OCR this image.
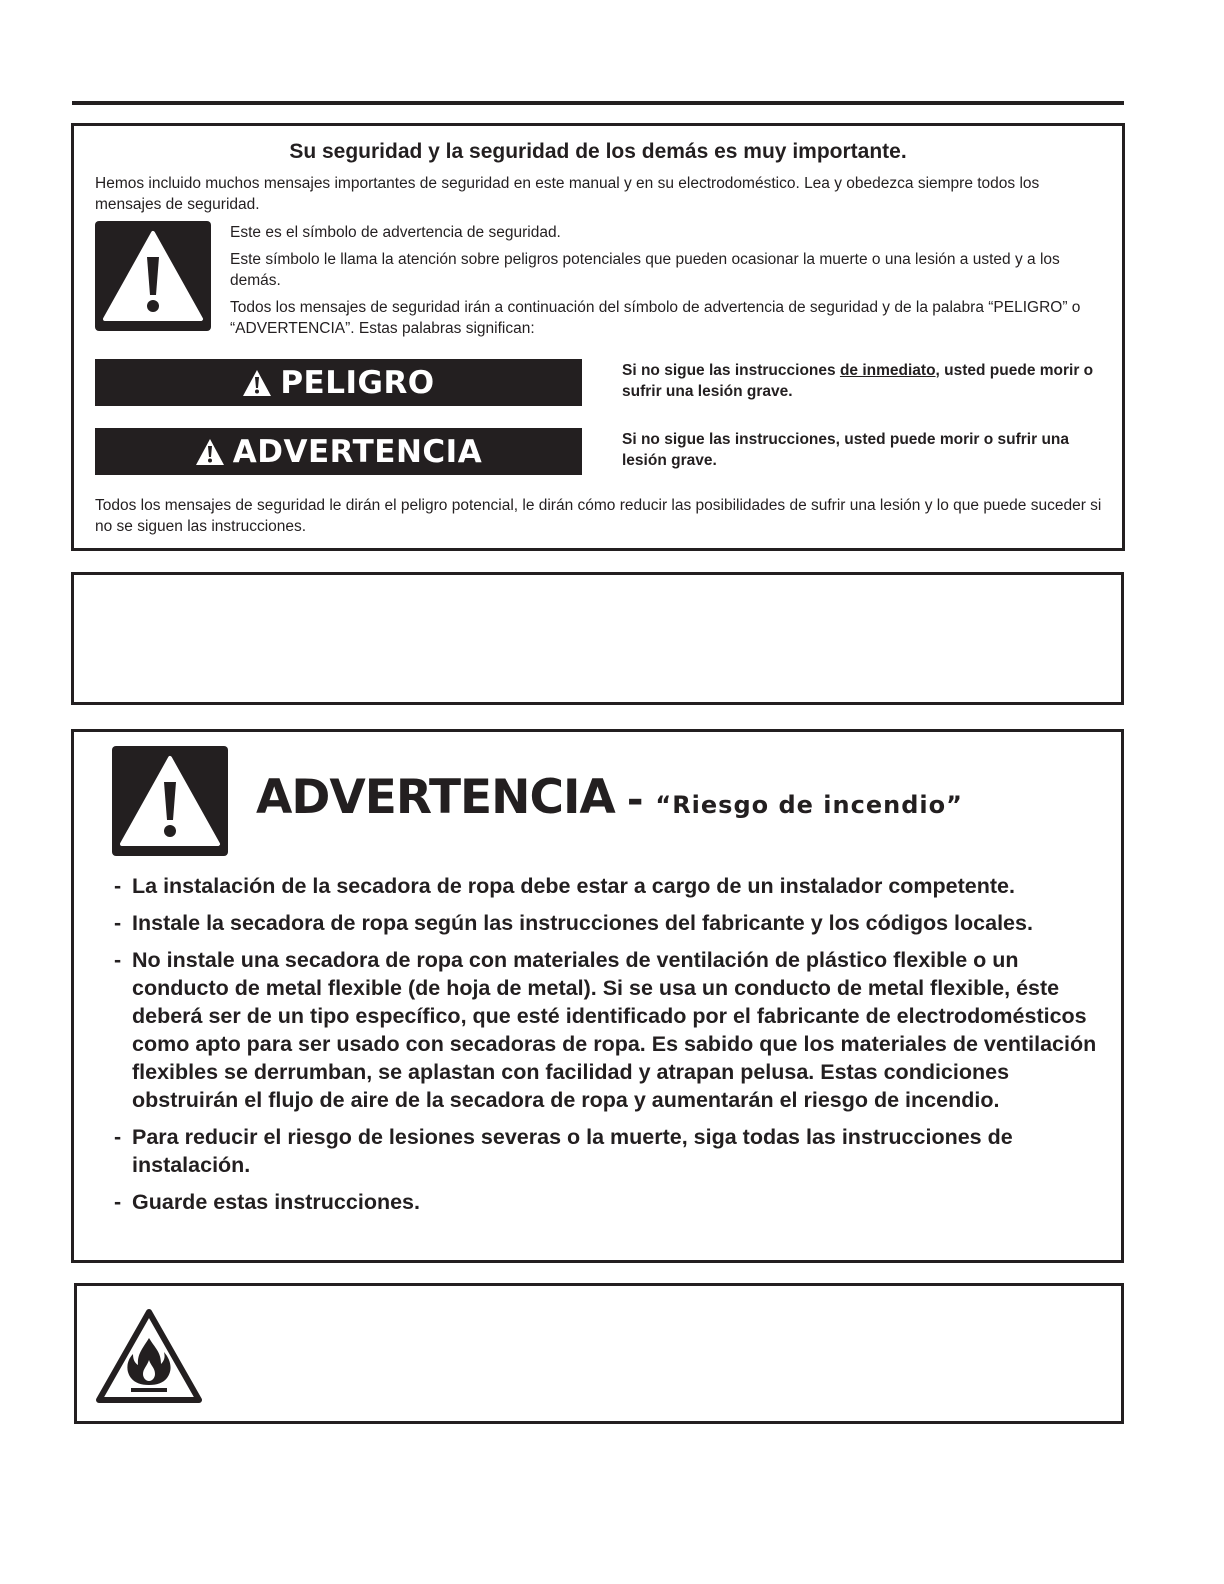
Su seguridad y la seguridad de los demás es muy importante.
Hemos incluido muchos mensajes importantes de seguridad en este manual y en su electrodoméstico. Lea y obedezca siempre todos los mensajes de seguridad.
Este es el símbolo de advertencia de seguridad.
Este símbolo le llama la atención sobre peligros potenciales que pueden ocasionar la muerte o una lesión a usted y a los demás.
Todos los mensajes de seguridad irán a continuación del símbolo de advertencia de seguridad y de la palabra “PELIGRO” o “ADVERTENCIA”. Estas palabras significan:
PELIGRO	Si no sigue las instrucciones de inmediato, usted puede morir o sufrir una lesión grave.
ADVERTENCIA	Si no sigue las instrucciones, usted puede morir o sufrir una lesión grave.
Todos los mensajes de seguridad le dirán el peligro potencial, le dirán cómo reducir las posibilidades de sufrir una lesión y lo que puede suceder si no se siguen las instrucciones.
ADVERTENCIA - “Riesgo de incendio”
- La instalación de la secadora de ropa debe estar a cargo de un instalador competente.
- Instale la secadora de ropa según las instrucciones del fabricante y los códigos locales.
- No instale una secadora de ropa con materiales de ventilación de plástico flexible o un conducto de metal flexible (de hoja de metal). Si se usa un conducto de metal flexible, éste deberá ser de un tipo específico, que esté identificado por el fabricante de electrodomésticos como apto para ser usado con secadoras de ropa. Es sabido que los materiales de ventilación flexibles se derrumban, se aplastan con facilidad y atrapan pelusa. Estas condiciones obstruirán el flujo de aire de la secadora de ropa y aumentarán el riesgo de incendio.
- Para reducir el riesgo de lesiones severas o la muerte, siga todas las instrucciones de instalación.
- Guarde estas instrucciones.
